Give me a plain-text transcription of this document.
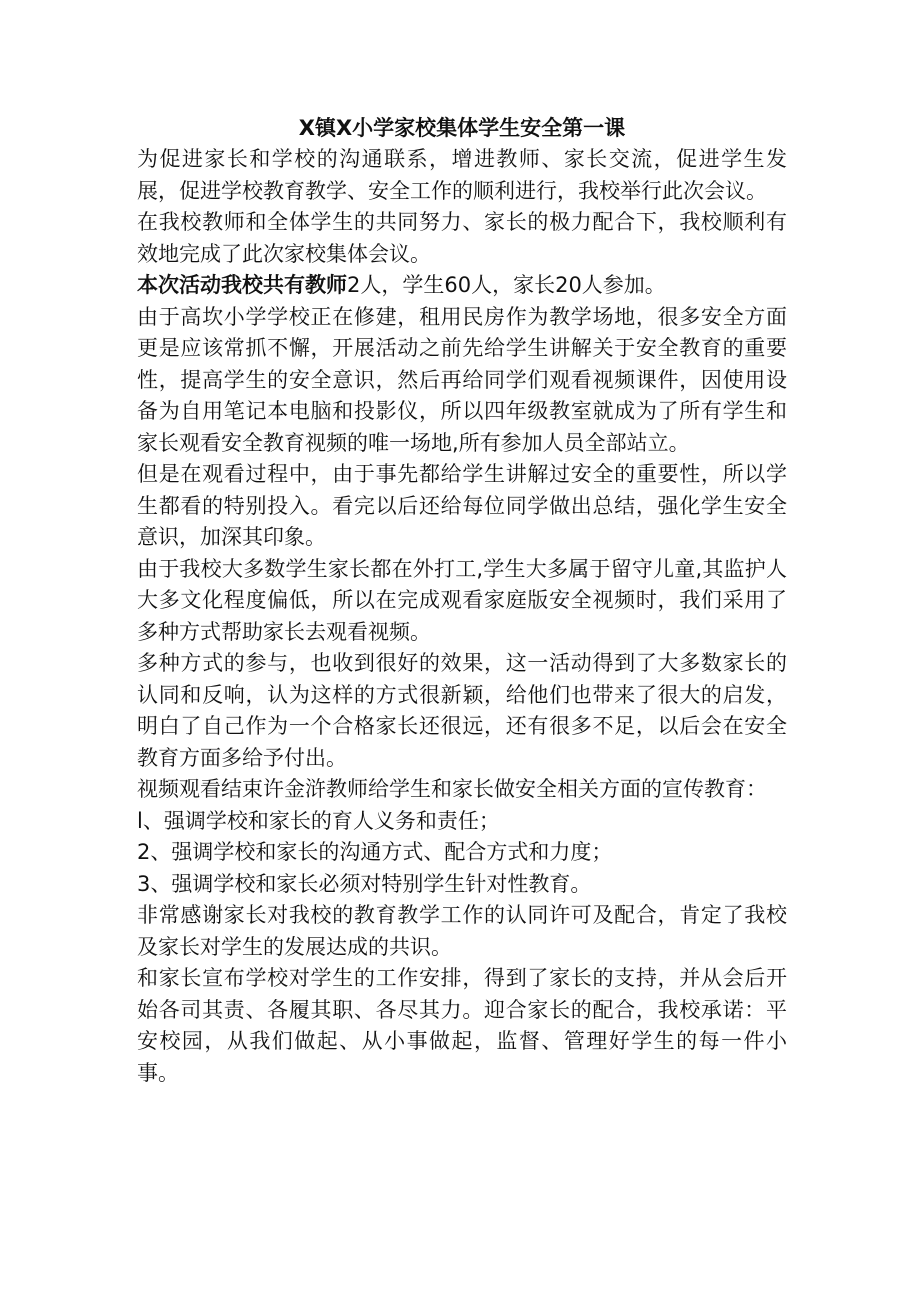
X镇X小学家校集体学生安全第一课

为促进家长和学校的沟通联系，增进教师、家长交流，促进学生发展，促进学校教育教学、安全工作的顺利进行，我校举行此次会议。

在我校教师和全体学生的共同努力、家长的极力配合下，我校顺利有效地完成了此次家校集体会议。

本次活动我校共有教师2人，学生60人，家长20人参加。

由于高坎小学学校正在修建，租用民房作为教学场地，很多安全方面更是应该常抓不懈，开展活动之前先给学生讲解关于安全教育的重要性，提高学生的安全意识，然后再给同学们观看视频课件，因使用设备为自用笔记本电脑和投影仪，所以四年级教室就成为了所有学生和家长观看安全教育视频的唯一场地,所有参加人员全部站立。

但是在观看过程中，由于事先都给学生讲解过安全的重要性，所以学生都看的特别投入。看完以后还给每位同学做出总结，强化学生安全意识，加深其印象。

由于我校大多数学生家长都在外打工,学生大多属于留守儿童,其监护人大多文化程度偏低，所以在完成观看家庭版安全视频时，我们采用了多种方式帮助家长去观看视频。

多种方式的参与，也收到很好的效果，这一活动得到了大多数家长的认同和反响，认为这样的方式很新颖，给他们也带来了很大的启发，明白了自己作为一个合格家长还很远，还有很多不足，以后会在安全教育方面多给予付出。

视频观看结束许金浒教师给学生和家长做安全相关方面的宣传教育：

l、强调学校和家长的育人义务和责任；

2、强调学校和家长的沟通方式、配合方式和力度；

3、强调学校和家长必须对特别学生针对性教育。

非常感谢家长对我校的教育教学工作的认同许可及配合，肯定了我校及家长对学生的发展达成的共识。

和家长宣布学校对学生的工作安排，得到了家长的支持，并从会后开始各司其责、各履其职、各尽其力。迎合家长的配合，我校承诺：平安校园，从我们做起、从小事做起，监督、管理好学生的每一件小事。
